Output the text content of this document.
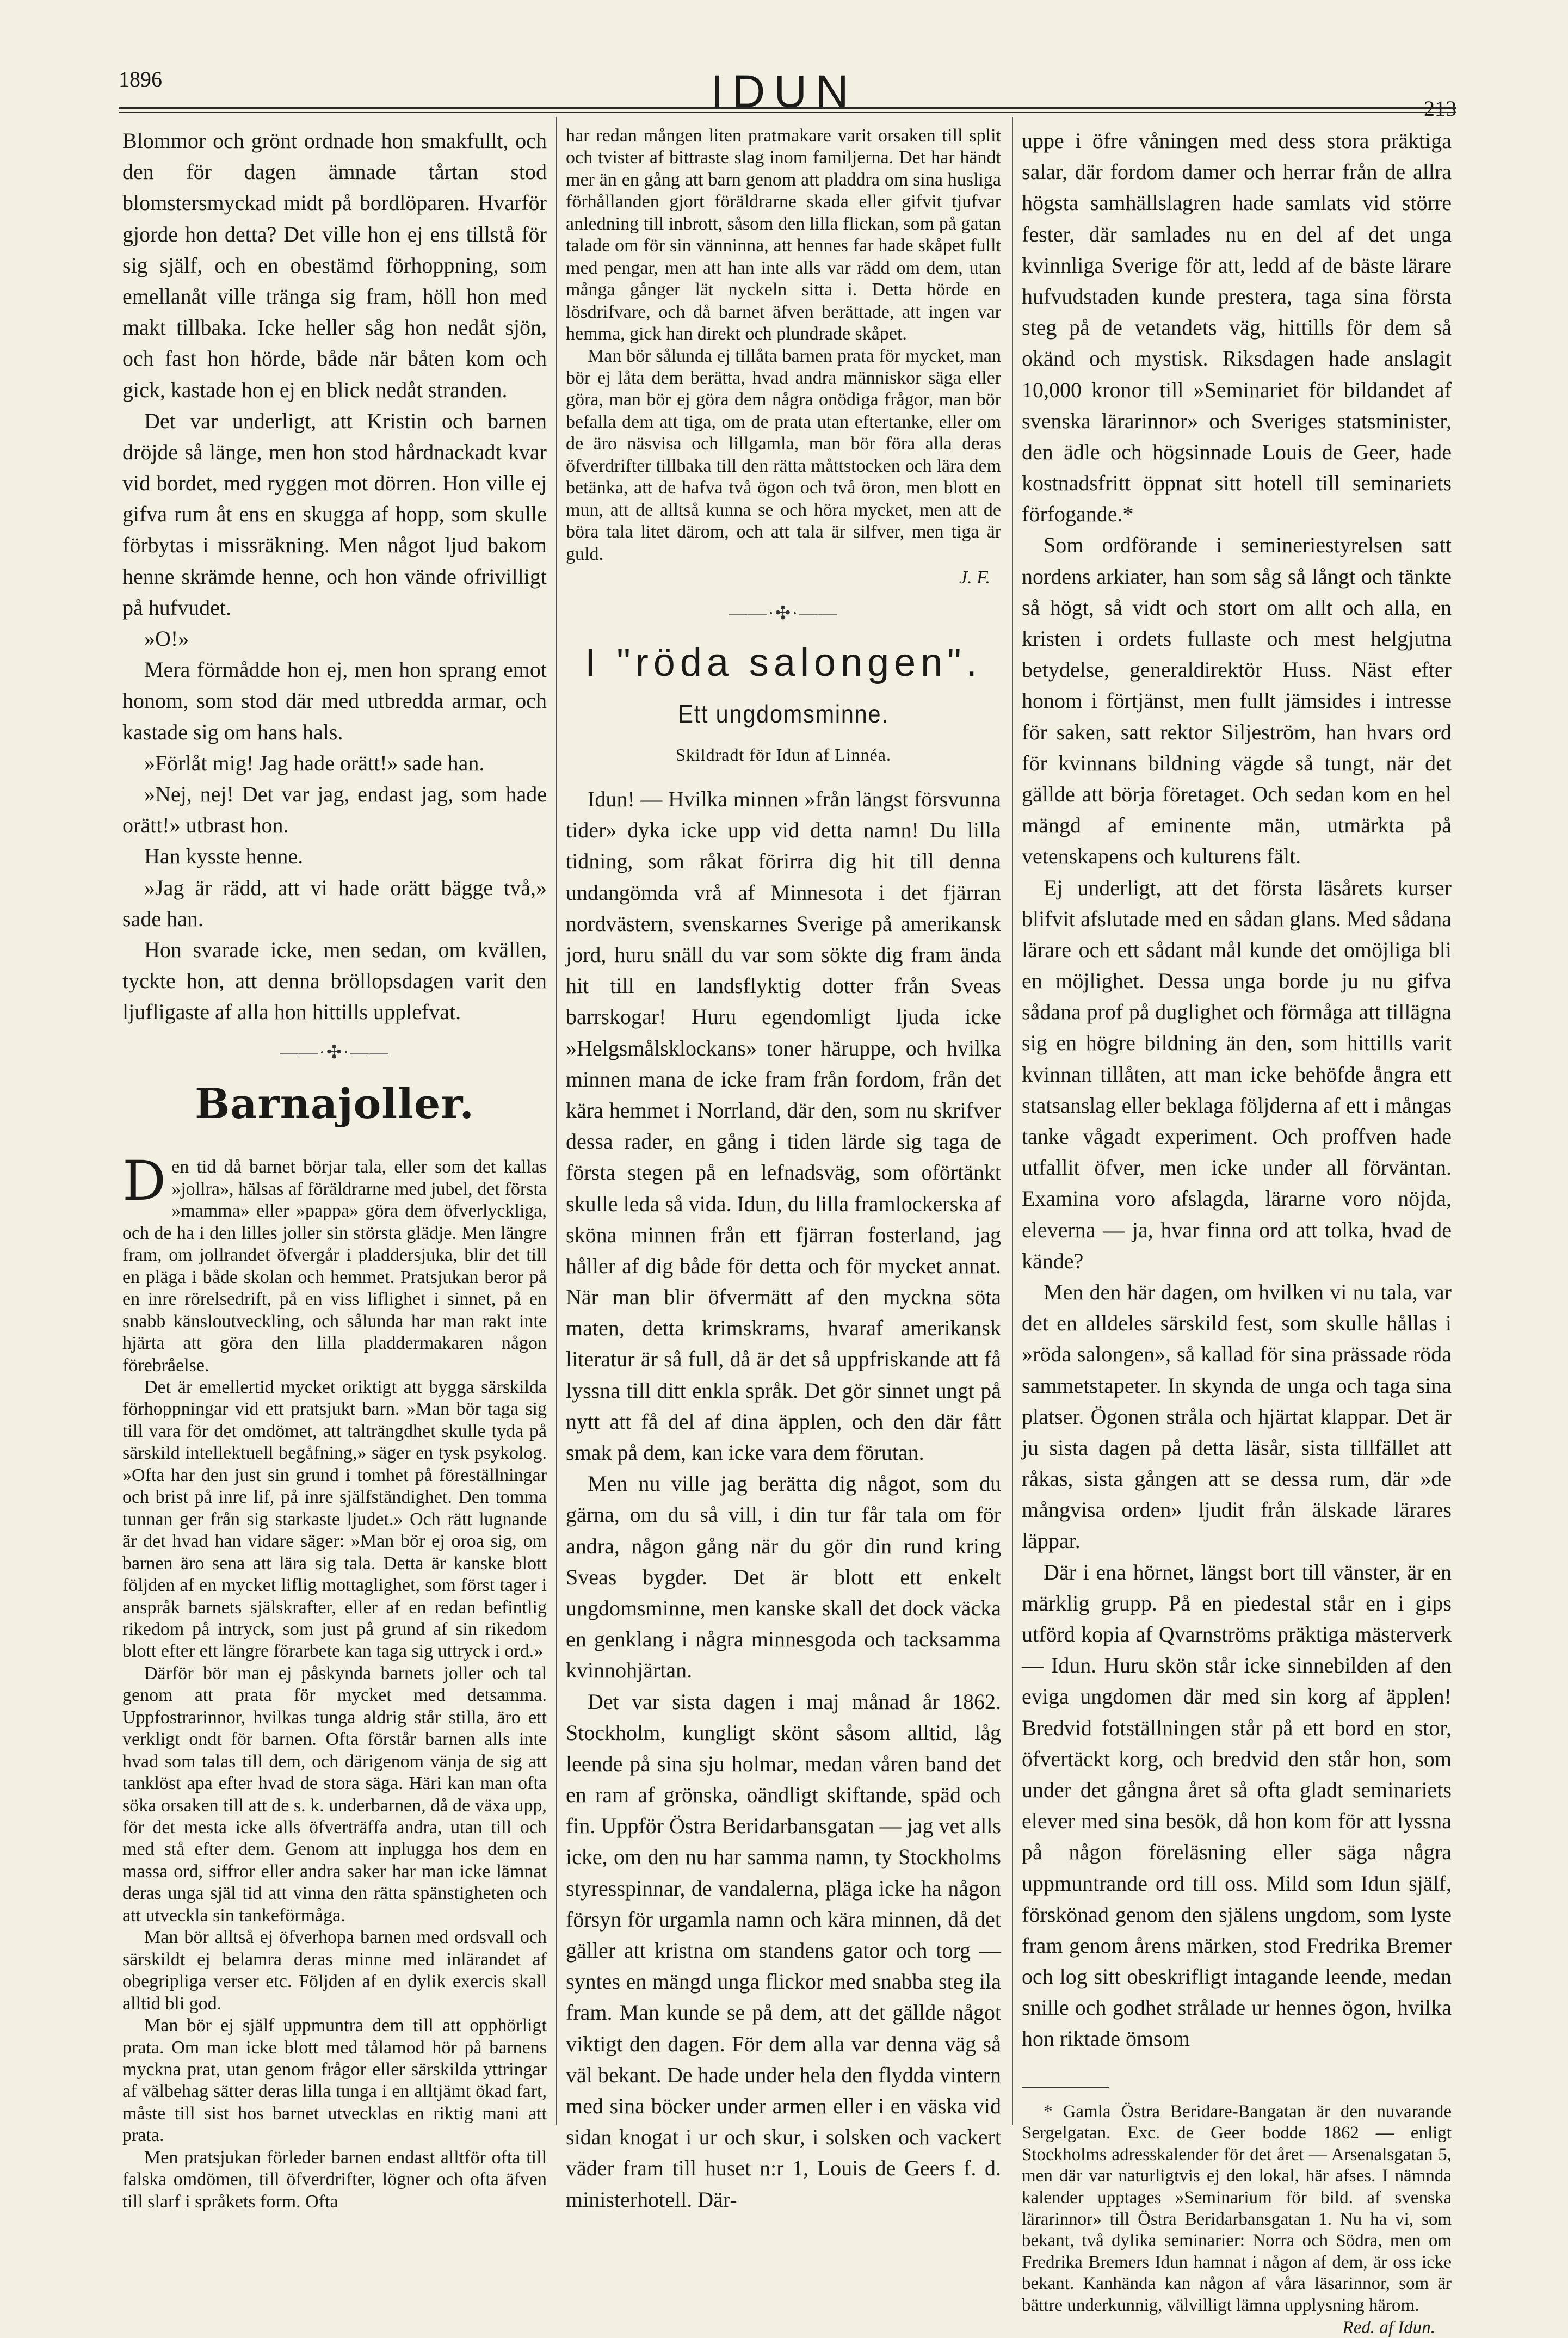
1896	IDUN	213

Blommor och grönt ordnade hon smakfullt, och den för dagen ämnade tårtan stod blomstersmyckad midt på bordlöparen. Hvarför gjorde hon detta? Det ville hon ej ens tillstå för sig själf, och en obestämd förhoppning, som emellanåt ville tränga sig fram, höll hon med makt tillbaka. Icke heller såg hon nedåt sjön, och fast hon hörde, både när båten kom och gick, kastade hon ej en blick nedåt stranden.

Det var underligt, att Kristin och barnen dröjde så länge, men hon stod hårdnackadt kvar vid bordet, med ryggen mot dörren. Hon ville ej gifva rum åt ens en skugga af hopp, som skulle förbytas i missräkning. Men något ljud bakom henne skrämde henne, och hon vände ofrivilligt på hufvudet.

»O!»

Mera förmådde hon ej, men hon sprang emot honom, som stod där med utbredda armar, och kastade sig om hans hals.

»Förlåt mig! Jag hade orätt!» sade han.

»Nej, nej! Det var jag, endast jag, som hade orätt!» utbrast hon.

Han kysste henne.

»Jag är rädd, att vi hade orätt bägge två,» sade han.

Hon svarade icke, men sedan, om kvällen, tyckte hon, att denna bröllopsdagen varit den ljufligaste af alla hon hittills upplefvat.

——·✣·——
Barnajoller.

Den tid då barnet börjar tala, eller som det kallas »jollra», hälsas af föräldrarne med jubel, det första »mamma» eller »pappa» göra dem öfverlyckliga, och de ha i den lilles joller sin största glädje. Men längre fram, om jollrandet öfvergår i pladdersjuka, blir det till en pläga i både skolan och hemmet. Pratsjukan beror på en inre rörelsedrift, på en viss liflighet i sinnet, på en snabb känsloutveckling, och sålunda har man rakt inte hjärta att göra den lilla pladdermakaren någon förebråelse.

Det är emellertid mycket oriktigt att bygga särskilda förhoppningar vid ett pratsjukt barn. »Man bör taga sig till vara för det omdömet, att talträngdhet skulle tyda på särskild intellektuell begåfning,» säger en tysk psykolog. »Ofta har den just sin grund i tomhet på föreställningar och brist på inre lif, på inre själfständighet. Den tomma tunnan ger från sig starkaste ljudet.» Och rätt lugnande är det hvad han vidare säger: »Man bör ej oroa sig, om barnen äro sena att lära sig tala. Detta är kanske blott följden af en mycket liflig mottaglighet, som först tager i anspråk barnets själskrafter, eller af en redan befintlig rikedom på intryck, som just på grund af sin rikedom blott efter ett längre förarbete kan taga sig uttryck i ord.»

Därför bör man ej påskynda barnets joller och tal genom att prata för mycket med detsamma. Uppfostrarinnor, hvilkas tunga aldrig står stilla, äro ett verkligt ondt för barnen. Ofta förstår barnen alls inte hvad som talas till dem, och därigenom vänja de sig att tanklöst apa efter hvad de stora säga. Häri kan man ofta söka orsaken till att de s. k. underbarnen, då de växa upp, för det mesta icke alls öfverträffa andra, utan till och med stå efter dem. Genom att inplugga hos dem en massa ord, siffror eller andra saker har man icke lämnat deras unga själ tid att vinna den rätta spänstigheten och att utveckla sin tankeförmåga.

Man bör alltså ej öfverhopa barnen med ordsvall och särskildt ej belamra deras minne med inlärandet af obegripliga verser etc. Följden af en dylik exercis skall alltid bli god.

Man bör ej själf uppmuntra dem till att opphörligt prata. Om man icke blott med tålamod hör på barnens myckna prat, utan genom frågor eller särskilda yttringar af välbehag sätter deras lilla tunga i en alltjämt ökad fart, måste till sist hos barnet utvecklas en riktig mani att prata.

Men pratsjukan förleder barnen endast alltför ofta till falska omdömen, till öfverdrifter, lögner och ofta äfven till slarf i språkets form. Ofta

har redan mången liten pratmakare varit orsaken till split och tvister af bittraste slag inom familjerna. Det har händt mer än en gång att barn genom att pladdra om sina husliga förhållanden gjort föräldrarne skada eller gifvit tjufvar anledning till inbrott, såsom den lilla flickan, som på gatan talade om för sin vänninna, att hennes far hade skåpet fullt med pengar, men att han inte alls var rädd om dem, utan många gånger lät nyckeln sitta i. Detta hörde en lösdrifvare, och då barnet äfven berättade, att ingen var hemma, gick han direkt och plundrade skåpet.

Man bör sålunda ej tillåta barnen prata för mycket, man bör ej låta dem berätta, hvad andra människor säga eller göra, man bör ej göra dem några onödiga frågor, man bör befalla dem att tiga, om de prata utan eftertanke, eller om de äro näsvisa och lillgamla, man bör föra alla deras öfverdrifter tillbaka till den rätta måttstocken och lära dem betänka, att de hafva två ögon och två öron, men blott en mun, att de alltså kunna se och höra mycket, men att de böra tala litet därom, och att tala är silfver, men tiga är guld.

J. F.
——·✣·——
I "röda salongen".
Ett ungdomsminne.
Skildradt för Idun af Linnéa.

Idun! — Hvilka minnen »från längst försvunna tider» dyka icke upp vid detta namn! Du lilla tidning, som råkat förirra dig hit till denna undangömda vrå af Minnesota i det fjärran nordvästern, svenskarnes Sverige på amerikansk jord, huru snäll du var som sökte dig fram ända hit till en landsflyktig dotter från Sveas barrskogar! Huru egendomligt ljuda icke »Helgsmålsklockans» toner häruppe, och hvilka minnen mana de icke fram från fordom, från det kära hemmet i Norrland, där den, som nu skrifver dessa rader, en gång i tiden lärde sig taga de första stegen på en lefnadsväg, som oförtänkt skulle leda så vida. Idun, du lilla framlockerska af sköna minnen från ett fjärran fosterland, jag håller af dig både för detta och för mycket annat. När man blir öfvermätt af den myckna söta maten, detta krimskrams, hvaraf amerikansk literatur är så full, då är det så uppfriskande att få lyssna till ditt enkla språk. Det gör sinnet ungt på nytt att få del af dina äpplen, och den där fått smak på dem, kan icke vara dem förutan.

Men nu ville jag berätta dig något, som du gärna, om du så vill, i din tur får tala om för andra, någon gång när du gör din rund kring Sveas bygder. Det är blott ett enkelt ungdomsminne, men kanske skall det dock väcka en genklang i några minnesgoda och tacksamma kvinnohjärtan.

Det var sista dagen i maj månad år 1862. Stockholm, kungligt skönt såsom alltid, låg leende på sina sju holmar, medan våren band det en ram af grönska, oändligt skiftande, späd och fin. Uppför Östra Beridarbansgatan — jag vet alls icke, om den nu har samma namn, ty Stockholms styresspinnar, de vandalerna, pläga icke ha någon försyn för urgamla namn och kära minnen, då det gäller att kristna om standens gator och torg — syntes en mängd unga flickor med snabba steg ila fram. Man kunde se på dem, att det gällde något viktigt den dagen. För dem alla var denna väg så väl bekant. De hade under hela den flydda vintern med sina böcker under armen eller i en väska vid sidan knogat i ur och skur, i solsken och vackert väder fram till huset n:r 1, Louis de Geers f. d. ministerhotell. Där-

uppe i öfre våningen med dess stora präktiga salar, där fordom damer och herrar från de allra högsta samhällslagren hade samlats vid större fester, där samlades nu en del af det unga kvinnliga Sverige för att, ledd af de bäste lärare hufvudstaden kunde prestera, taga sina första steg på de vetandets väg, hittills för dem så okänd och mystisk. Riksdagen hade anslagit 10,000 kronor till »Seminariet för bildandet af svenska lärarinnor» och Sveriges statsminister, den ädle och högsinnade Louis de Geer, hade kostnadsfritt öppnat sitt hotell till seminariets förfogande.*

Som ordförande i semineriestyrelsen satt nordens arkiater, han som såg så långt och tänkte så högt, så vidt och stort om allt och alla, en kristen i ordets fullaste och mest helgjutna betydelse, generaldirektör Huss. Näst efter honom i förtjänst, men fullt jämsides i intresse för saken, satt rektor Siljeström, han hvars ord för kvinnans bildning vägde så tungt, när det gällde att börja företaget. Och sedan kom en hel mängd af eminente män, utmärkta på vetenskapens och kulturens fält.

Ej underligt, att det första läsårets kurser blifvit afslutade med en sådan glans. Med sådana lärare och ett sådant mål kunde det omöjliga bli en möjlighet. Dessa unga borde ju nu gifva sådana prof på duglighet och förmåga att tillägna sig en högre bildning än den, som hittills varit kvinnan tillåten, att man icke behöfde ångra ett statsanslag eller beklaga följderna af ett i mångas tanke vågadt experiment. Och proffven hade utfallit öfver, men icke under all förväntan. Examina voro afslagda, lärarne voro nöjda, eleverna — ja, hvar finna ord att tolka, hvad de kände?

Men den här dagen, om hvilken vi nu tala, var det en alldeles särskild fest, som skulle hållas i »röda salongen», så kallad för sina prässade röda sammetstapeter. In skynda de unga och taga sina platser. Ögonen stråla och hjärtat klappar. Det är ju sista dagen på detta läsår, sista tillfället att råkas, sista gången att se dessa rum, där »de mångvisa orden» ljudit från älskade lärares läppar.

Där i ena hörnet, längst bort till vänster, är en märklig grupp. På en piedestal står en i gips utförd kopia af Qvarnströms präktiga mästerverk — Idun. Huru skön står icke sinnebilden af den eviga ungdomen där med sin korg af äpplen! Bredvid fotställningen står på ett bord en stor, öfvertäckt korg, och bredvid den står hon, som under det gångna året så ofta gladt seminariets elever med sina besök, då hon kom för att lyssna på någon föreläsning eller säga några uppmuntrande ord till oss. Mild som Idun själf, förskönad genom den själens ungdom, som lyste fram genom årens märken, stod Fredrika Bremer och log sitt obeskrifligt intagande leende, medan snille och godhet strålade ur hennes ögon, hvilka hon riktade ömsom

* Gamla Östra Beridare-Bangatan är den nuvarande Sergelgatan. Exc. de Geer bodde 1862 — enligt Stockholms adresskalender för det året — Arsenalsgatan 5, men där var naturligtvis ej den lokal, här afses. I nämnda kalender upptages »Seminarium för bild. af svenska lärarinnor» till Östra Beridarbansgatan 1. Nu ha vi, som bekant, två dylika seminarier: Norra och Södra, men om Fredrika Bremers Idun hamnat i någon af dem, är oss icke bekant. Kanhända kan någon af våra läsarinnor, som är bättre underkunnig, välvilligt lämna upplysning härom.

Red. af Idun.
